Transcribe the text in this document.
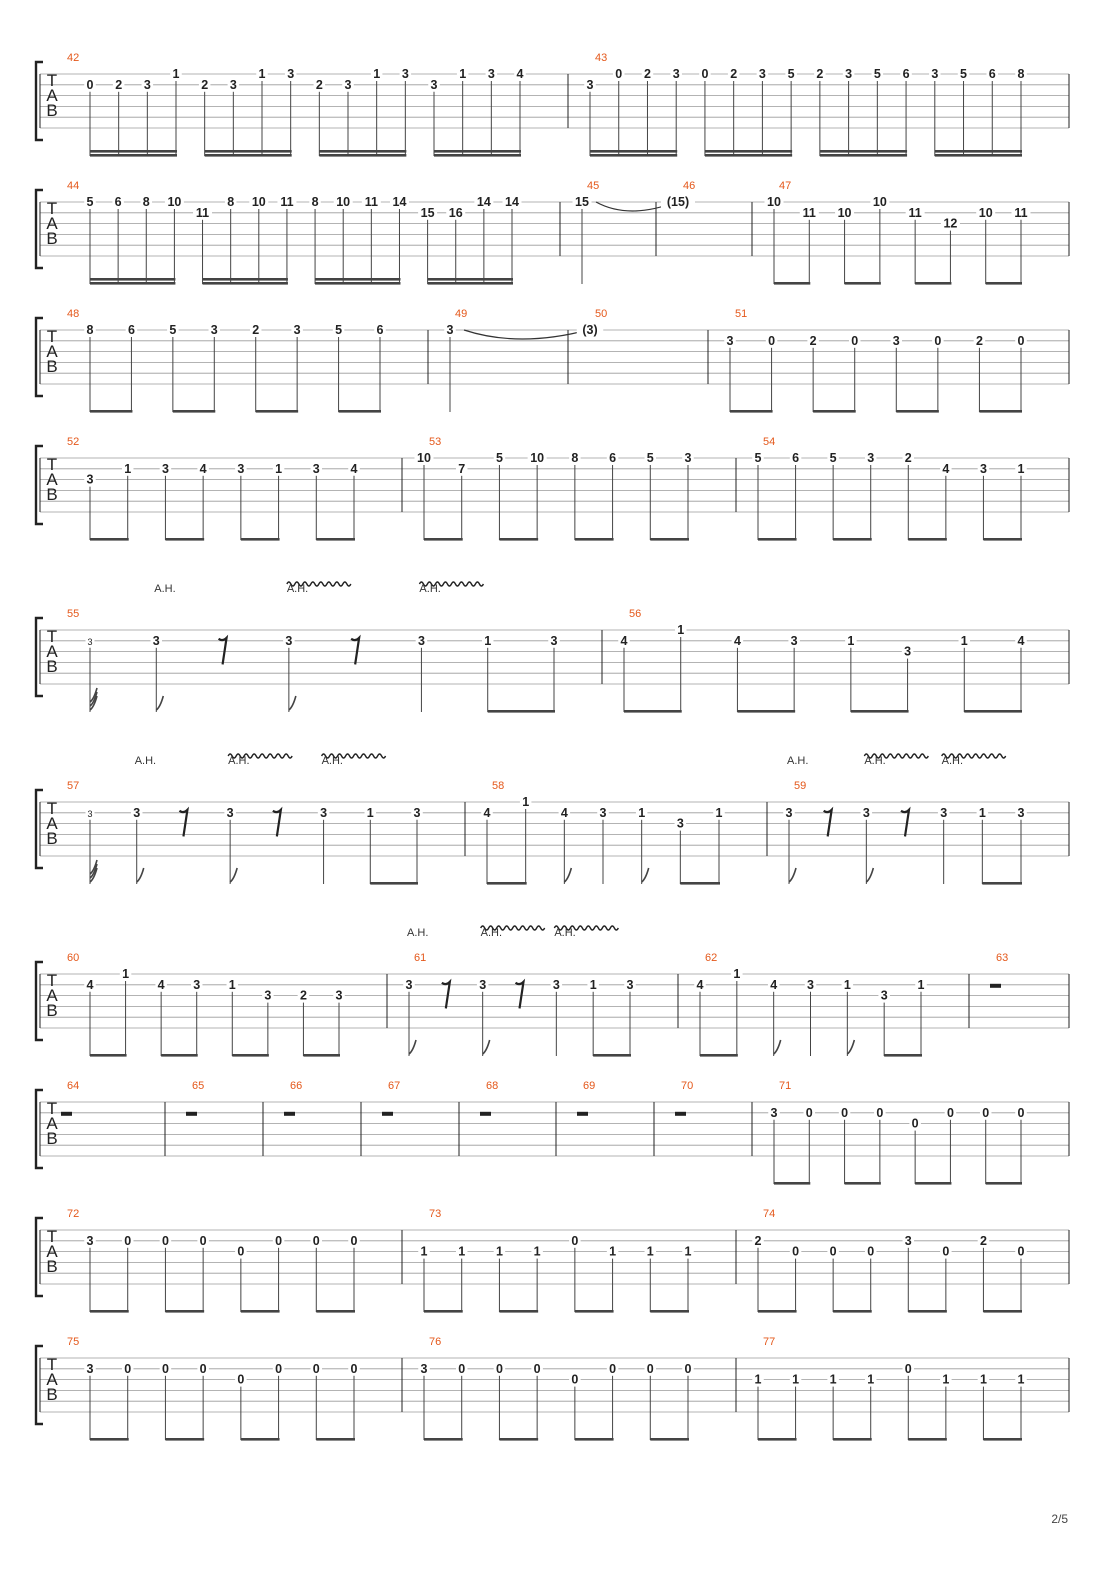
T
A
B
42
0 2 3
1
2 3
1 3
2 3
1 3
3
1 3 4
43
3
0 2 3 0 2 3 5 2 3 5 6 3 5 6 8
T
A
B
44
5 6 8 10
11
8 10 11 8 10 11 14
15 16
14 14
45
15
46
(15)
47
10
11 10
10
11
12
10 11
T
A
B
48
8	6	5	3	2	3	5	6
49
3
50
(3)
51
3	0	2	0	3	0	2	0
T
A
B
52
3
1 3 4 3 1 3 4
53
10
7
5 10 8 6 5 3
54
5 6 5 3 2
4 3 1
T
A
B
55
3	3	3	3	1	3
56
4
1
4	3	1
3
1	4
A.H.	A.H.	A.H.
T
A
B
57
3	3	3	3	1	3
58
4
1
4	3	1
3
1
59
3	3	3	1	3
A.H.	A.H.	A.H.	A.H.	A.H.	A.H.
T
A
B
60
4
1
4 3 1
3 2 3
61
3	3	3 1 3
62
4
1
4 3 1
3
1
63
A.H.	A.H.	A.H.
T
A
B
64	65	66	67	68	69	70	71
3 0 0 0
0
0 0 0
T
A
B
72
3 0 0 0
0
0 0 0
73
1 1 1 1
0
1 1 1
74
2
0 0 0
3
0
2
0
T
A
B
75
3 0 0 0
0
0 0 0
76
3 0 0 0
0
0 0 0
77
1 1 1 1
0
1 1 1
2/5
